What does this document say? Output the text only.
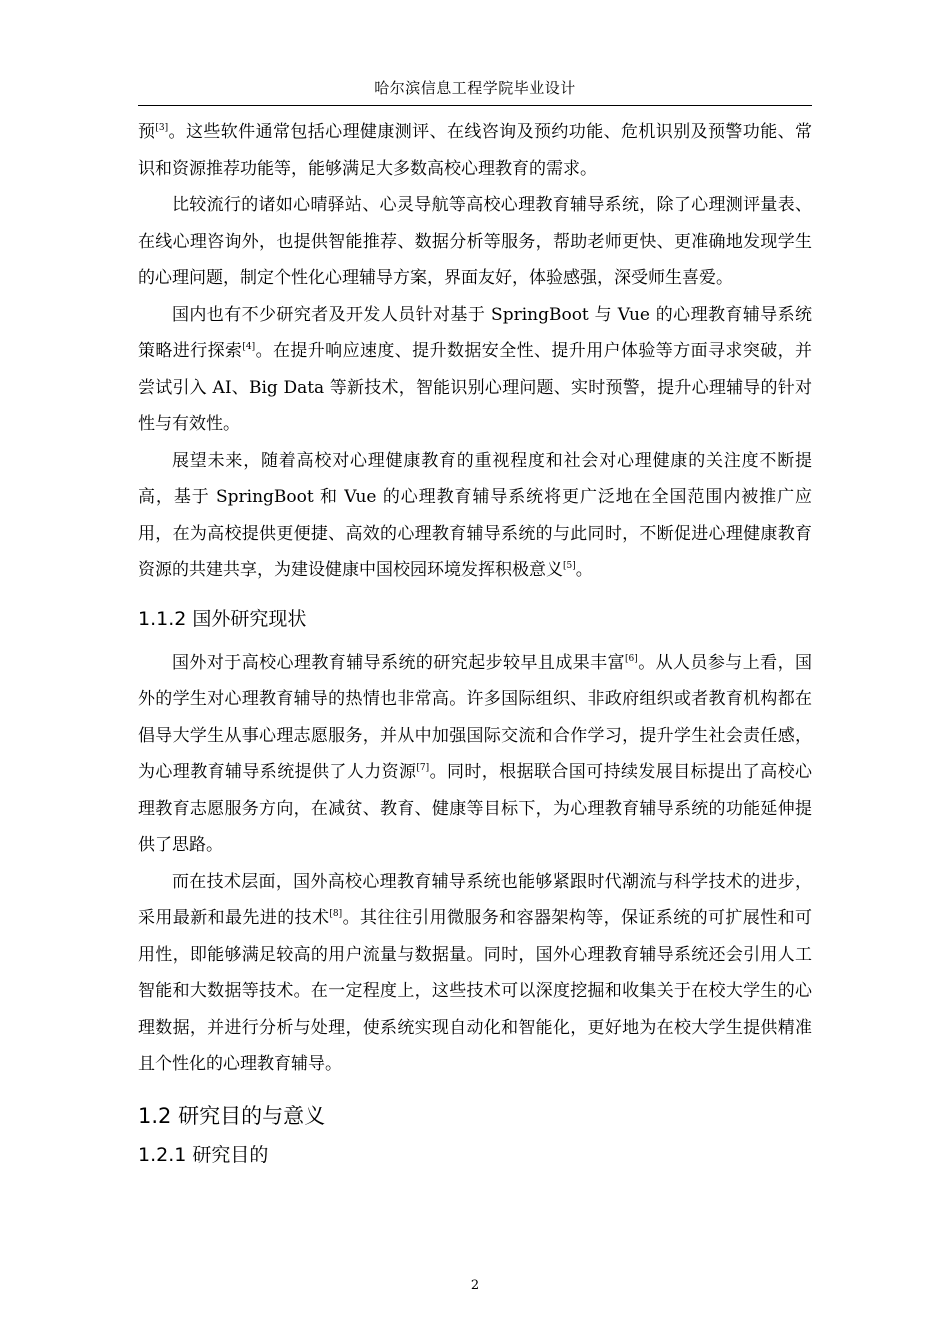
哈尔滨信息工程学院毕业设计

预[3]。这些软件通常包括心理健康测评、在线咨询及预约功能、危机识别及预警功能、常识和资源推荐功能等，能够满足大多数高校心理教育的需求。

比较流行的诸如心晴驿站、心灵导航等高校心理教育辅导系统，除了心理测评量表、在线心理咨询外，也提供智能推荐、数据分析等服务，帮助老师更快、更准确地发现学生的心理问题，制定个性化心理辅导方案，界面友好，体验感强，深受师生喜爱。

国内也有不少研究者及开发人员针对基于 SpringBoot 与 Vue 的心理教育辅导系统策略进行探索[4]。在提升响应速度、提升数据安全性、提升用户体验等方面寻求突破，并尝试引入 AI、Big Data 等新技术，智能识别心理问题、实时预警，提升心理辅导的针对性与有效性。

展望未来，随着高校对心理健康教育的重视程度和社会对心理健康的关注度不断提高，基于 SpringBoot 和 Vue 的心理教育辅导系统将更广泛地在全国范围内被推广应用，在为高校提供更便捷、高效的心理教育辅导系统的与此同时，不断促进心理健康教育资源的共建共享，为建设健康中国校园环境发挥积极意义[5]。

1.1.2 国外研究现状

国外对于高校心理教育辅导系统的研究起步较早且成果丰富[6]。从人员参与上看，国外的学生对心理教育辅导的热情也非常高。许多国际组织、非政府组织或者教育机构都在倡导大学生从事心理志愿服务，并从中加强国际交流和合作学习，提升学生社会责任感，为心理教育辅导系统提供了人力资源[7]。同时，根据联合国可持续发展目标提出了高校心理教育志愿服务方向，在减贫、教育、健康等目标下，为心理教育辅导系统的功能延伸提供了思路。

而在技术层面，国外高校心理教育辅导系统也能够紧跟时代潮流与科学技术的进步，采用最新和最先进的技术[8]。其往往引用微服务和容器架构等，保证系统的可扩展性和可用性，即能够满足较高的用户流量与数据量。同时，国外心理教育辅导系统还会引用人工智能和大数据等技术。在一定程度上，这些技术可以深度挖掘和收集关于在校大学生的心理数据，并进行分析与处理，使系统实现自动化和智能化，更好地为在校大学生提供精准且个性化的心理教育辅导。

1.2 研究目的与意义
1.2.1 研究目的
2
